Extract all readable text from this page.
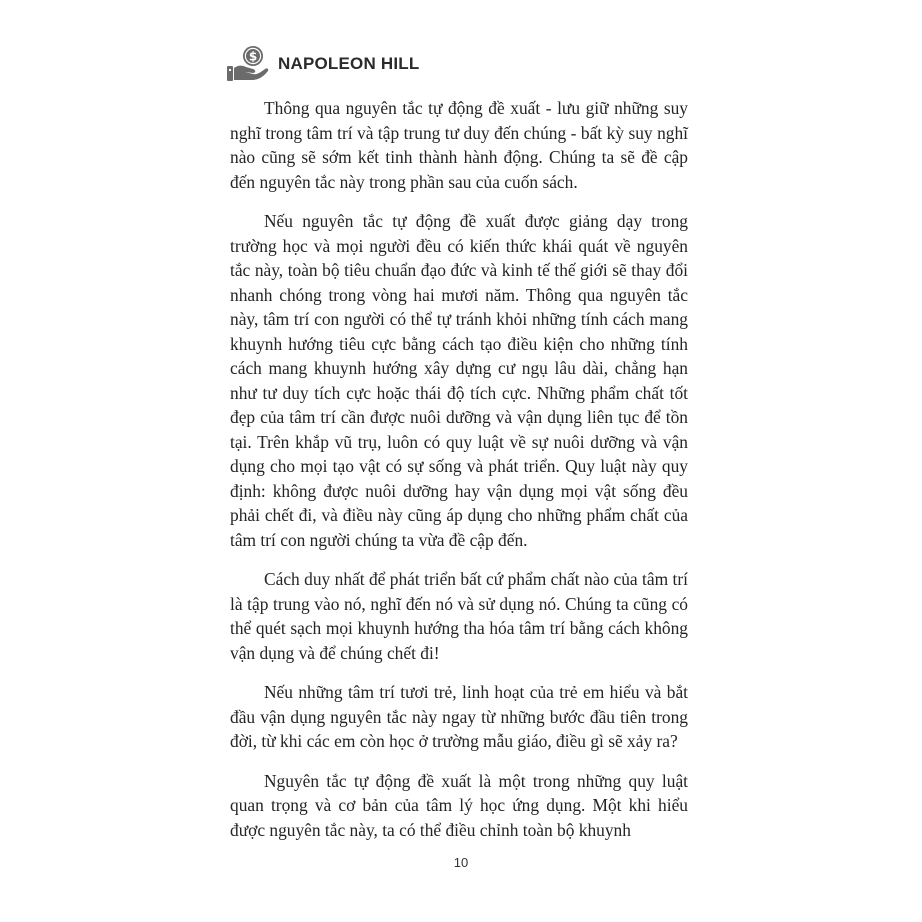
$ NAPOLEON HILL

Thông qua nguyên tắc tự động đề xuất - lưu giữ những suy nghĩ trong tâm trí và tập trung tư duy đến chúng - bất kỳ suy nghĩ nào cũng sẽ sớm kết tinh thành hành động. Chúng ta sẽ đề cập đến nguyên tắc này trong phần sau của cuốn sách.

Nếu nguyên tắc tự động đề xuất được giảng dạy trong trường học và mọi người đều có kiến thức khái quát về nguyên tắc này, toàn bộ tiêu chuẩn đạo đức và kinh tế thế giới sẽ thay đổi nhanh chóng trong vòng hai mươi năm. Thông qua nguyên tắc này, tâm trí con người có thể tự tránh khỏi những tính cách mang khuynh hướng tiêu cực bằng cách tạo điều kiện cho những tính cách mang khuynh hướng xây dựng cư ngụ lâu dài, chẳng hạn như tư duy tích cực hoặc thái độ tích cực. Những phẩm chất tốt đẹp của tâm trí cần được nuôi dưỡng và vận dụng liên tục để tồn tại. Trên khắp vũ trụ, luôn có quy luật về sự nuôi dưỡng và vận dụng cho mọi tạo vật có sự sống và phát triển. Quy luật này quy định: không được nuôi dưỡng hay vận dụng mọi vật sống đều phải chết đi, và điều này cũng áp dụng cho những phẩm chất của tâm trí con người chúng ta vừa đề cập đến.

Cách duy nhất để phát triển bất cứ phẩm chất nào của tâm trí là tập trung vào nó, nghĩ đến nó và sử dụng nó. Chúng ta cũng có thể quét sạch mọi khuynh hướng tha hóa tâm trí bằng cách không vận dụng và để chúng chết đi!

Nếu những tâm trí tươi trẻ, linh hoạt của trẻ em hiểu và bắt đầu vận dụng nguyên tắc này ngay từ những bước đầu tiên trong đời, từ khi các em còn học ở trường mẫu giáo, điều gì sẽ xảy ra?

Nguyên tắc tự động đề xuất là một trong những quy luật quan trọng và cơ bản của tâm lý học ứng dụng. Một khi hiểu được nguyên tắc này, ta có thể điều chỉnh toàn bộ khuynh

10
